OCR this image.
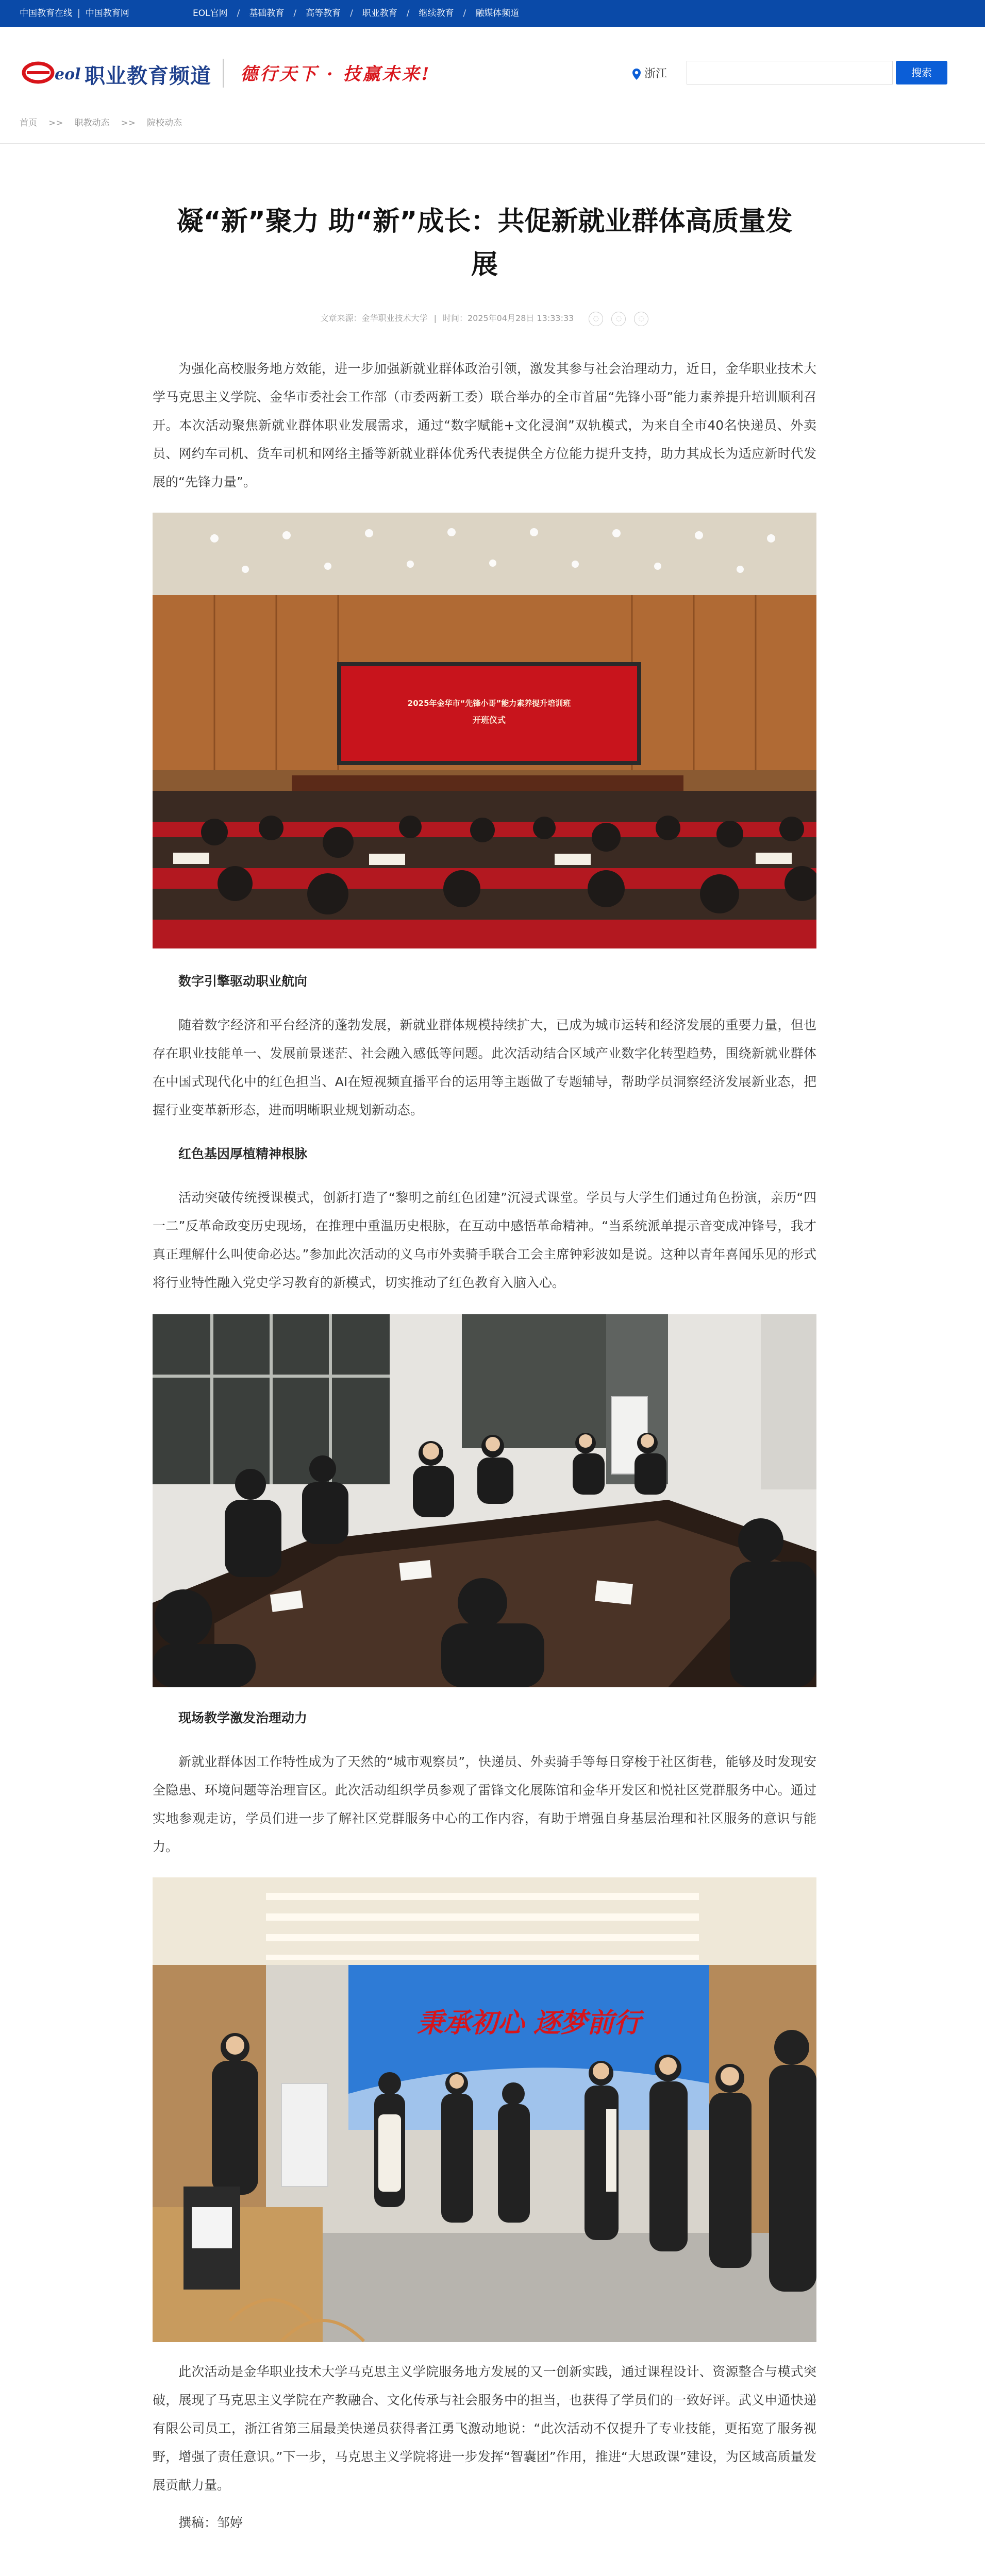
中国教育在线 | 中国教育网	EOL官网 / 基础教育 / 高等教育 / 职业教育 / 继续教育 / 融媒体频道
eol 职业教育频道 德行天下 · 技赢未来!	浙江	搜索
首页 >> 职教动态 >> 院校动态
凝“新”聚力 助“新”成长：共促新就业群体高质量发展
文章来源：金华职业技术大学 | 时间：2025年04月28日 13:33:33	◌	◌	◌

为强化高校服务地方效能，进一步加强新就业群体政治引领，激发其参与社会治理动力，近日，金华职业技术大学马克思主义学院、金华市委社会工作部（市委两新工委）联合举办的全市首届“先锋小哥”能力素养提升培训顺利召开。本次活动聚焦新就业群体职业发展需求，通过“数字赋能+文化浸润”双轨模式，为来自全市40名快递员、外卖员、网约车司机、货车司机和网络主播等新就业群体优秀代表提供全方位能力提升支持，助力其成长为适应新时代发展的“先锋力量”。

2025年金华市“先锋小哥”能力素养提升培训班
开班仪式

数字引擎驱动职业航向

随着数字经济和平台经济的蓬勃发展，新就业群体规模持续扩大，已成为城市运转和经济发展的重要力量，但也存在职业技能单一、发展前景迷茫、社会融入感低等问题。此次活动结合区域产业数字化转型趋势，围绕新就业群体在中国式现代化中的红色担当、AI在短视频直播平台的运用等主题做了专题辅导，帮助学员洞察经济发展新业态，把握行业变革新形态，进而明晰职业规划新动态。

红色基因厚植精神根脉

活动突破传统授课模式，创新打造了“黎明之前红色团建”沉浸式课堂。学员与大学生们通过角色扮演，亲历“四一二”反革命政变历史现场，在推理中重温历史根脉，在互动中感悟革命精神。“当系统派单提示音变成冲锋号，我才真正理解什么叫使命必达。”参加此次活动的义乌市外卖骑手联合工会主席钟彩波如是说。这种以青年喜闻乐见的形式将行业特性融入党史学习教育的新模式，切实推动了红色教育入脑入心。

现场教学激发治理动力

新就业群体因工作特性成为了天然的“城市观察员”，快递员、外卖骑手等每日穿梭于社区街巷，能够及时发现安全隐患、环境问题等治理盲区。此次活动组织学员参观了雷锋文化展陈馆和金华开发区和悦社区党群服务中心。通过实地参观走访，学员们进一步了解社区党群服务中心的工作内容，有助于增强自身基层治理和社区服务的意识与能力。

秉承初心 逐梦前行

此次活动是金华职业技术大学马克思主义学院服务地方发展的又一创新实践，通过课程设计、资源整合与模式突破，展现了马克思主义学院在产教融合、文化传承与社会服务中的担当，也获得了学员们的一致好评。武义申通快递有限公司员工，浙江省第三届最美快递员获得者江勇飞激动地说：“此次活动不仅提升了专业技能，更拓宽了服务视野，增强了责任意识。”下一步，马克思主义学院将进一步发挥“智囊团”作用，推进“大思政课”建设，为区域高质量发展贡献力量。

撰稿：邹婷
